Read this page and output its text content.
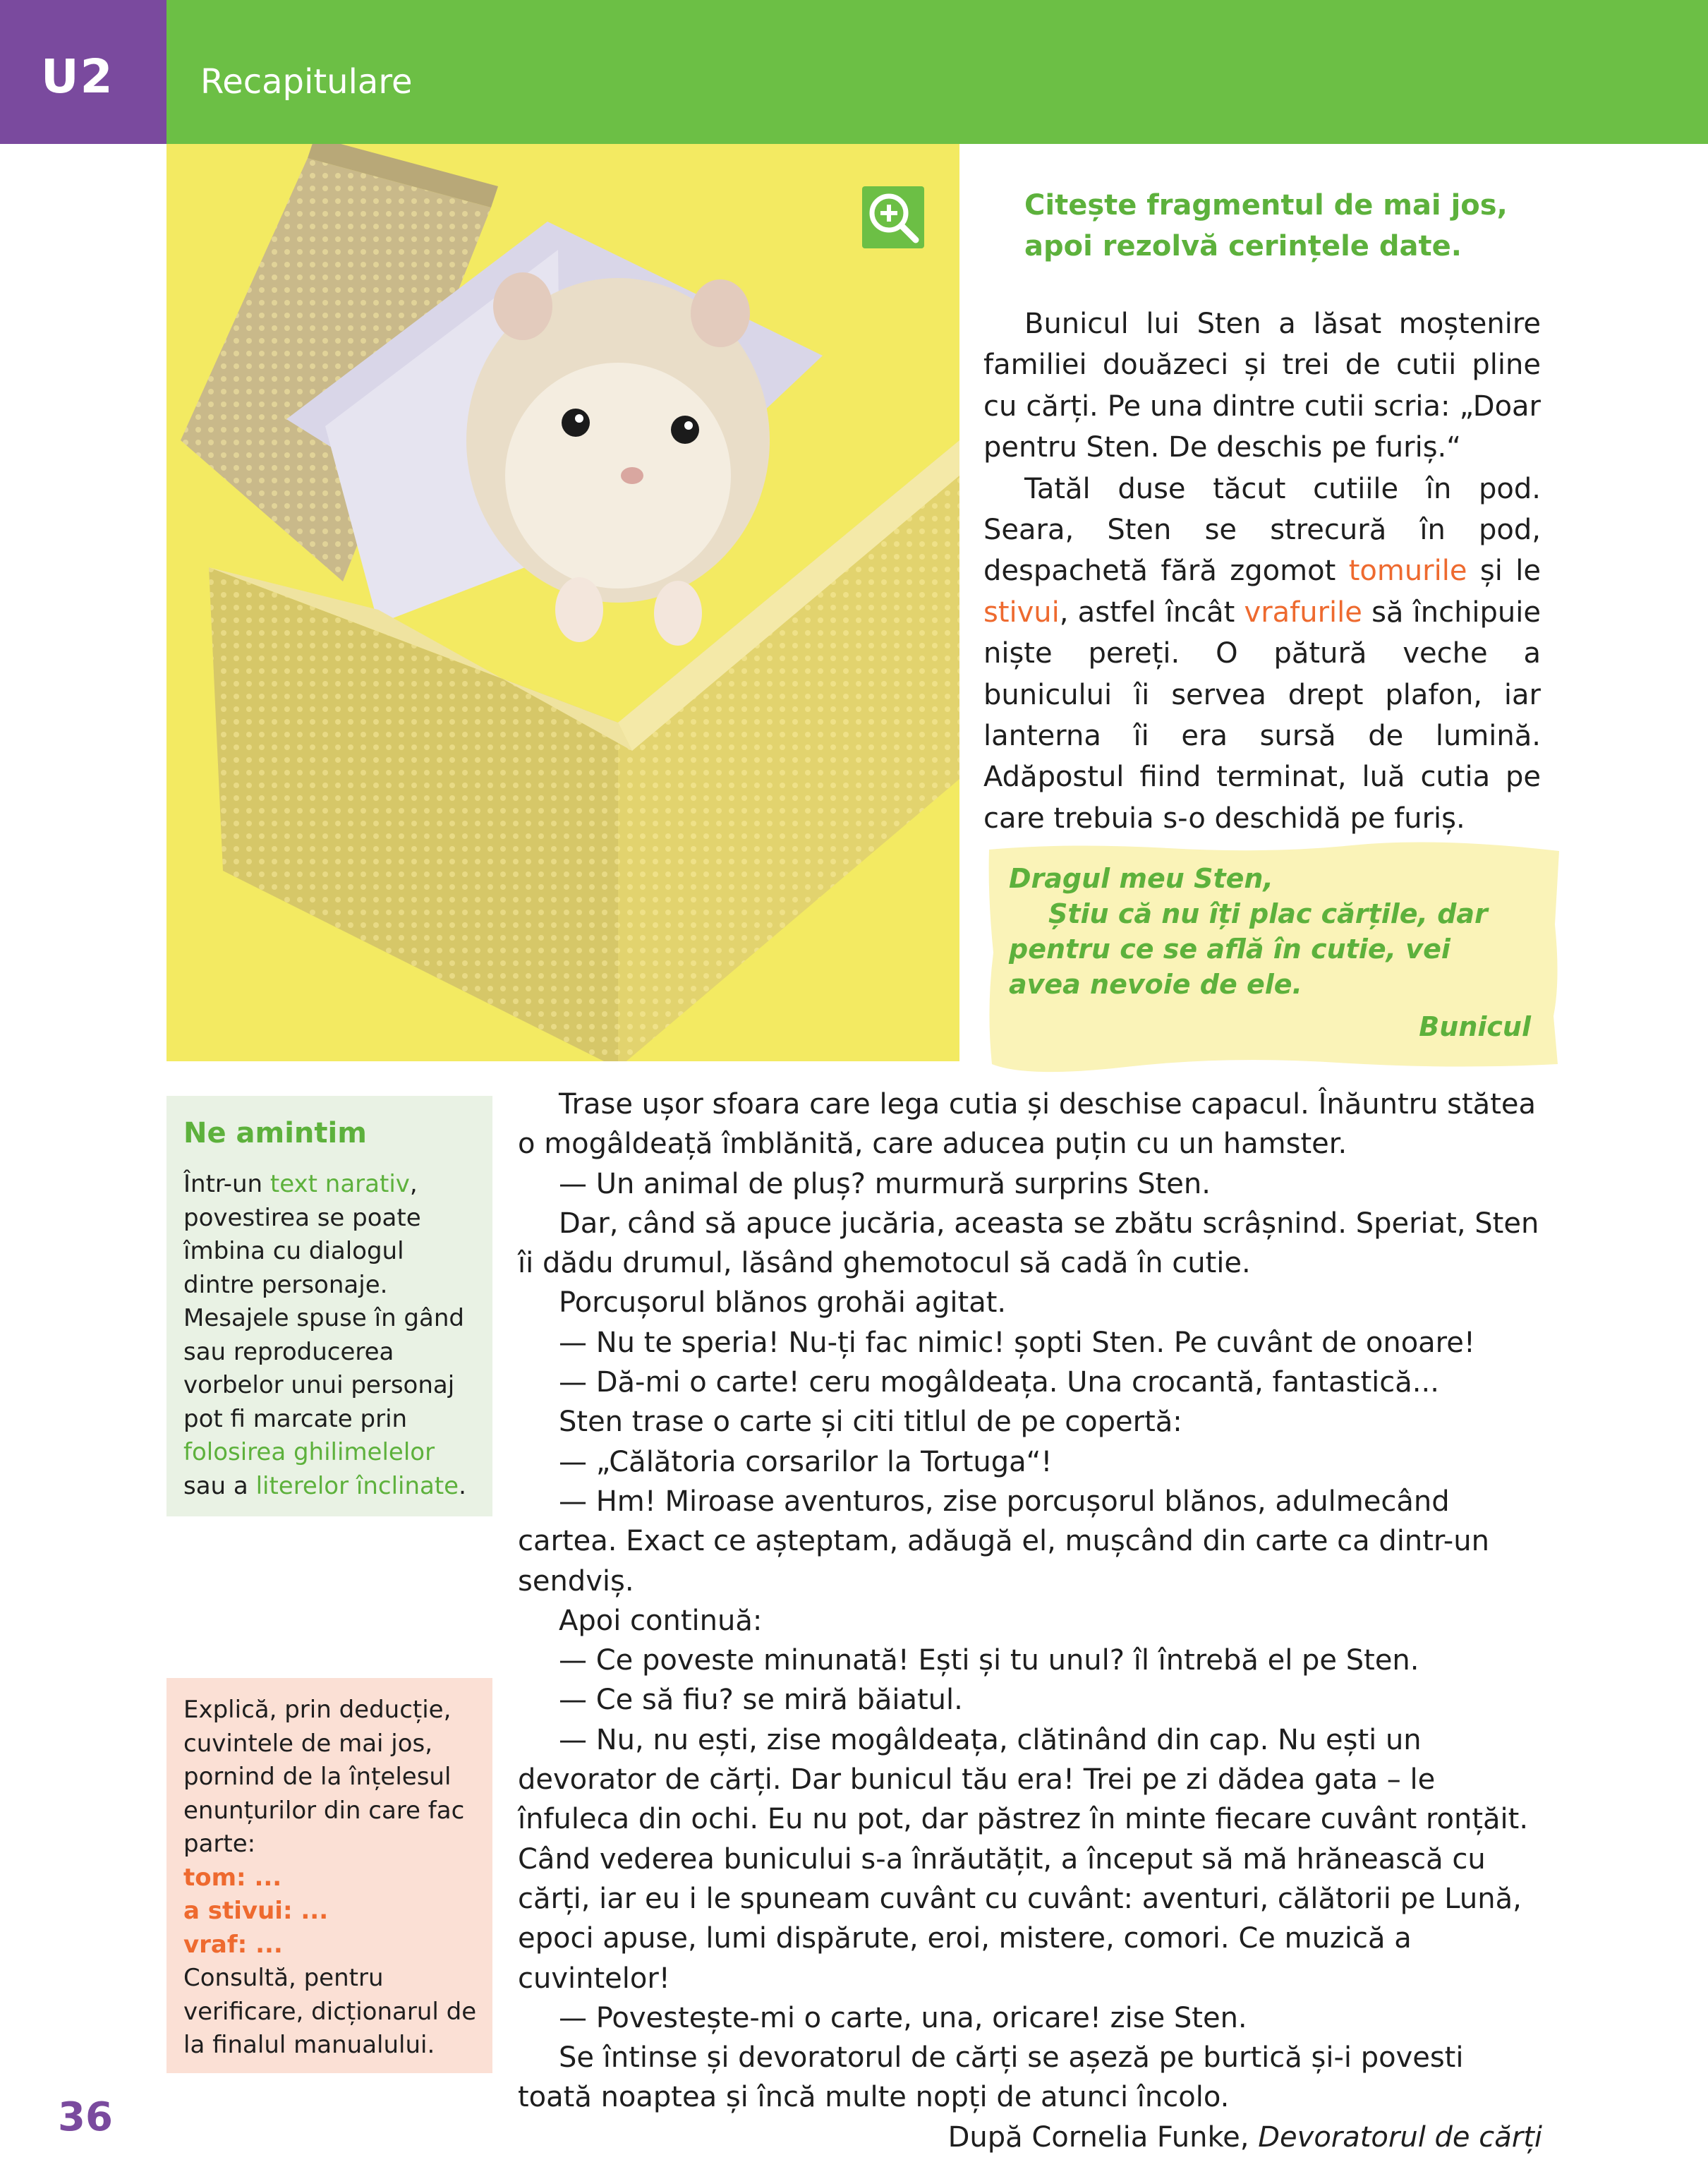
U2	Recapitulare
Citește fragmentul de mai jos, apoi rezolvă cerințele date.

Bunicul lui Sten a lăsat moștenire familiei douăzeci și trei de cutii pline cu cărți. Pe una dintre cutii scria: „Doar pentru Sten. De deschis pe furiș.“

Tatăl duse tăcut cutiile în pod. Seara, Sten se strecură în pod, despachetă fără zgomot tomurile și le stivui, astfel încât vrafurile să închipuie niște pereți. O pătură veche a bunicului îi servea drept plafon, iar lanterna îi era sursă de lumină. Adăpostul fiind terminat, luă cutia pe care trebuia s-o deschidă pe furiș.

Dragul meu Sten,

Știu că nu îți plac cărțile, dar pentru ce se află în cutie, vei avea nevoie de ele.

Bunicul

Ne amintim
Într-un text narativ, povestirea se poate îmbina cu dialogul dintre personaje. Mesajele spuse în gând sau reproducerea vorbelor unui personaj pot fi marcate prin folosirea ghilimelelor sau a literelor înclinate.
Explică, prin deducție, cuvintele de mai jos, pornind de la înțelesul enunțurilor din care fac parte:
tom: ...
a stivui: ...
vraf: ...
Consultă, pentru verificare, dicționarul de la finalul manualului.

Trase ușor sfoara care lega cutia și deschise capacul. Înăuntru stătea o mogâldeață îmblănită, care aducea puțin cu un hamster.

— Un animal de pluș? murmură surprins Sten.

Dar, când să apuce jucăria, aceasta se zbătu scrâșnind. Speriat, Sten îi dădu drumul, lăsând ghemotocul să cadă în cutie.

Porcușorul blănos grohăi agitat.

— Nu te speria! Nu-ți fac nimic! șopti Sten. Pe cuvânt de onoare!

— Dă-mi o carte! ceru mogâldeața. Una crocantă, fantastică...

Sten trase o carte și citi titlul de pe copertă:

— „Călătoria corsarilor la Tortuga“!

— Hm! Miroase aventuros, zise porcușorul blănos, adulmecând cartea. Exact ce așteptam, adăugă el, mușcând din carte ca dintr-un sendviș.

Apoi continuă:

— Ce poveste minunată! Ești și tu unul? îl întrebă el pe Sten.

— Ce să fiu? se miră băiatul.

— Nu, nu ești, zise mogâldeața, clătinând din cap. Nu ești un devorator de cărți. Dar bunicul tău era! Trei pe zi dădea gata – le înfuleca din ochi. Eu nu pot, dar păstrez în minte fiecare cuvânt ronțăit. Când vederea bunicului s-a înrăutățit, a început să mă hrănească cu cărți, iar eu i le spuneam cuvânt cu cuvânt: aventuri, călătorii pe Lună, epoci apuse, lumi dispărute, eroi, mistere, comori. Ce muzică a cuvintelor!

— Povestește-mi o carte, una, oricare! zise Sten.

Se întinse și devoratorul de cărți se așeză pe burtică și-i povesti toată noaptea și încă multe nopți de atunci încolo.

După Cornelia Funke, Devoratorul de cărți

36
